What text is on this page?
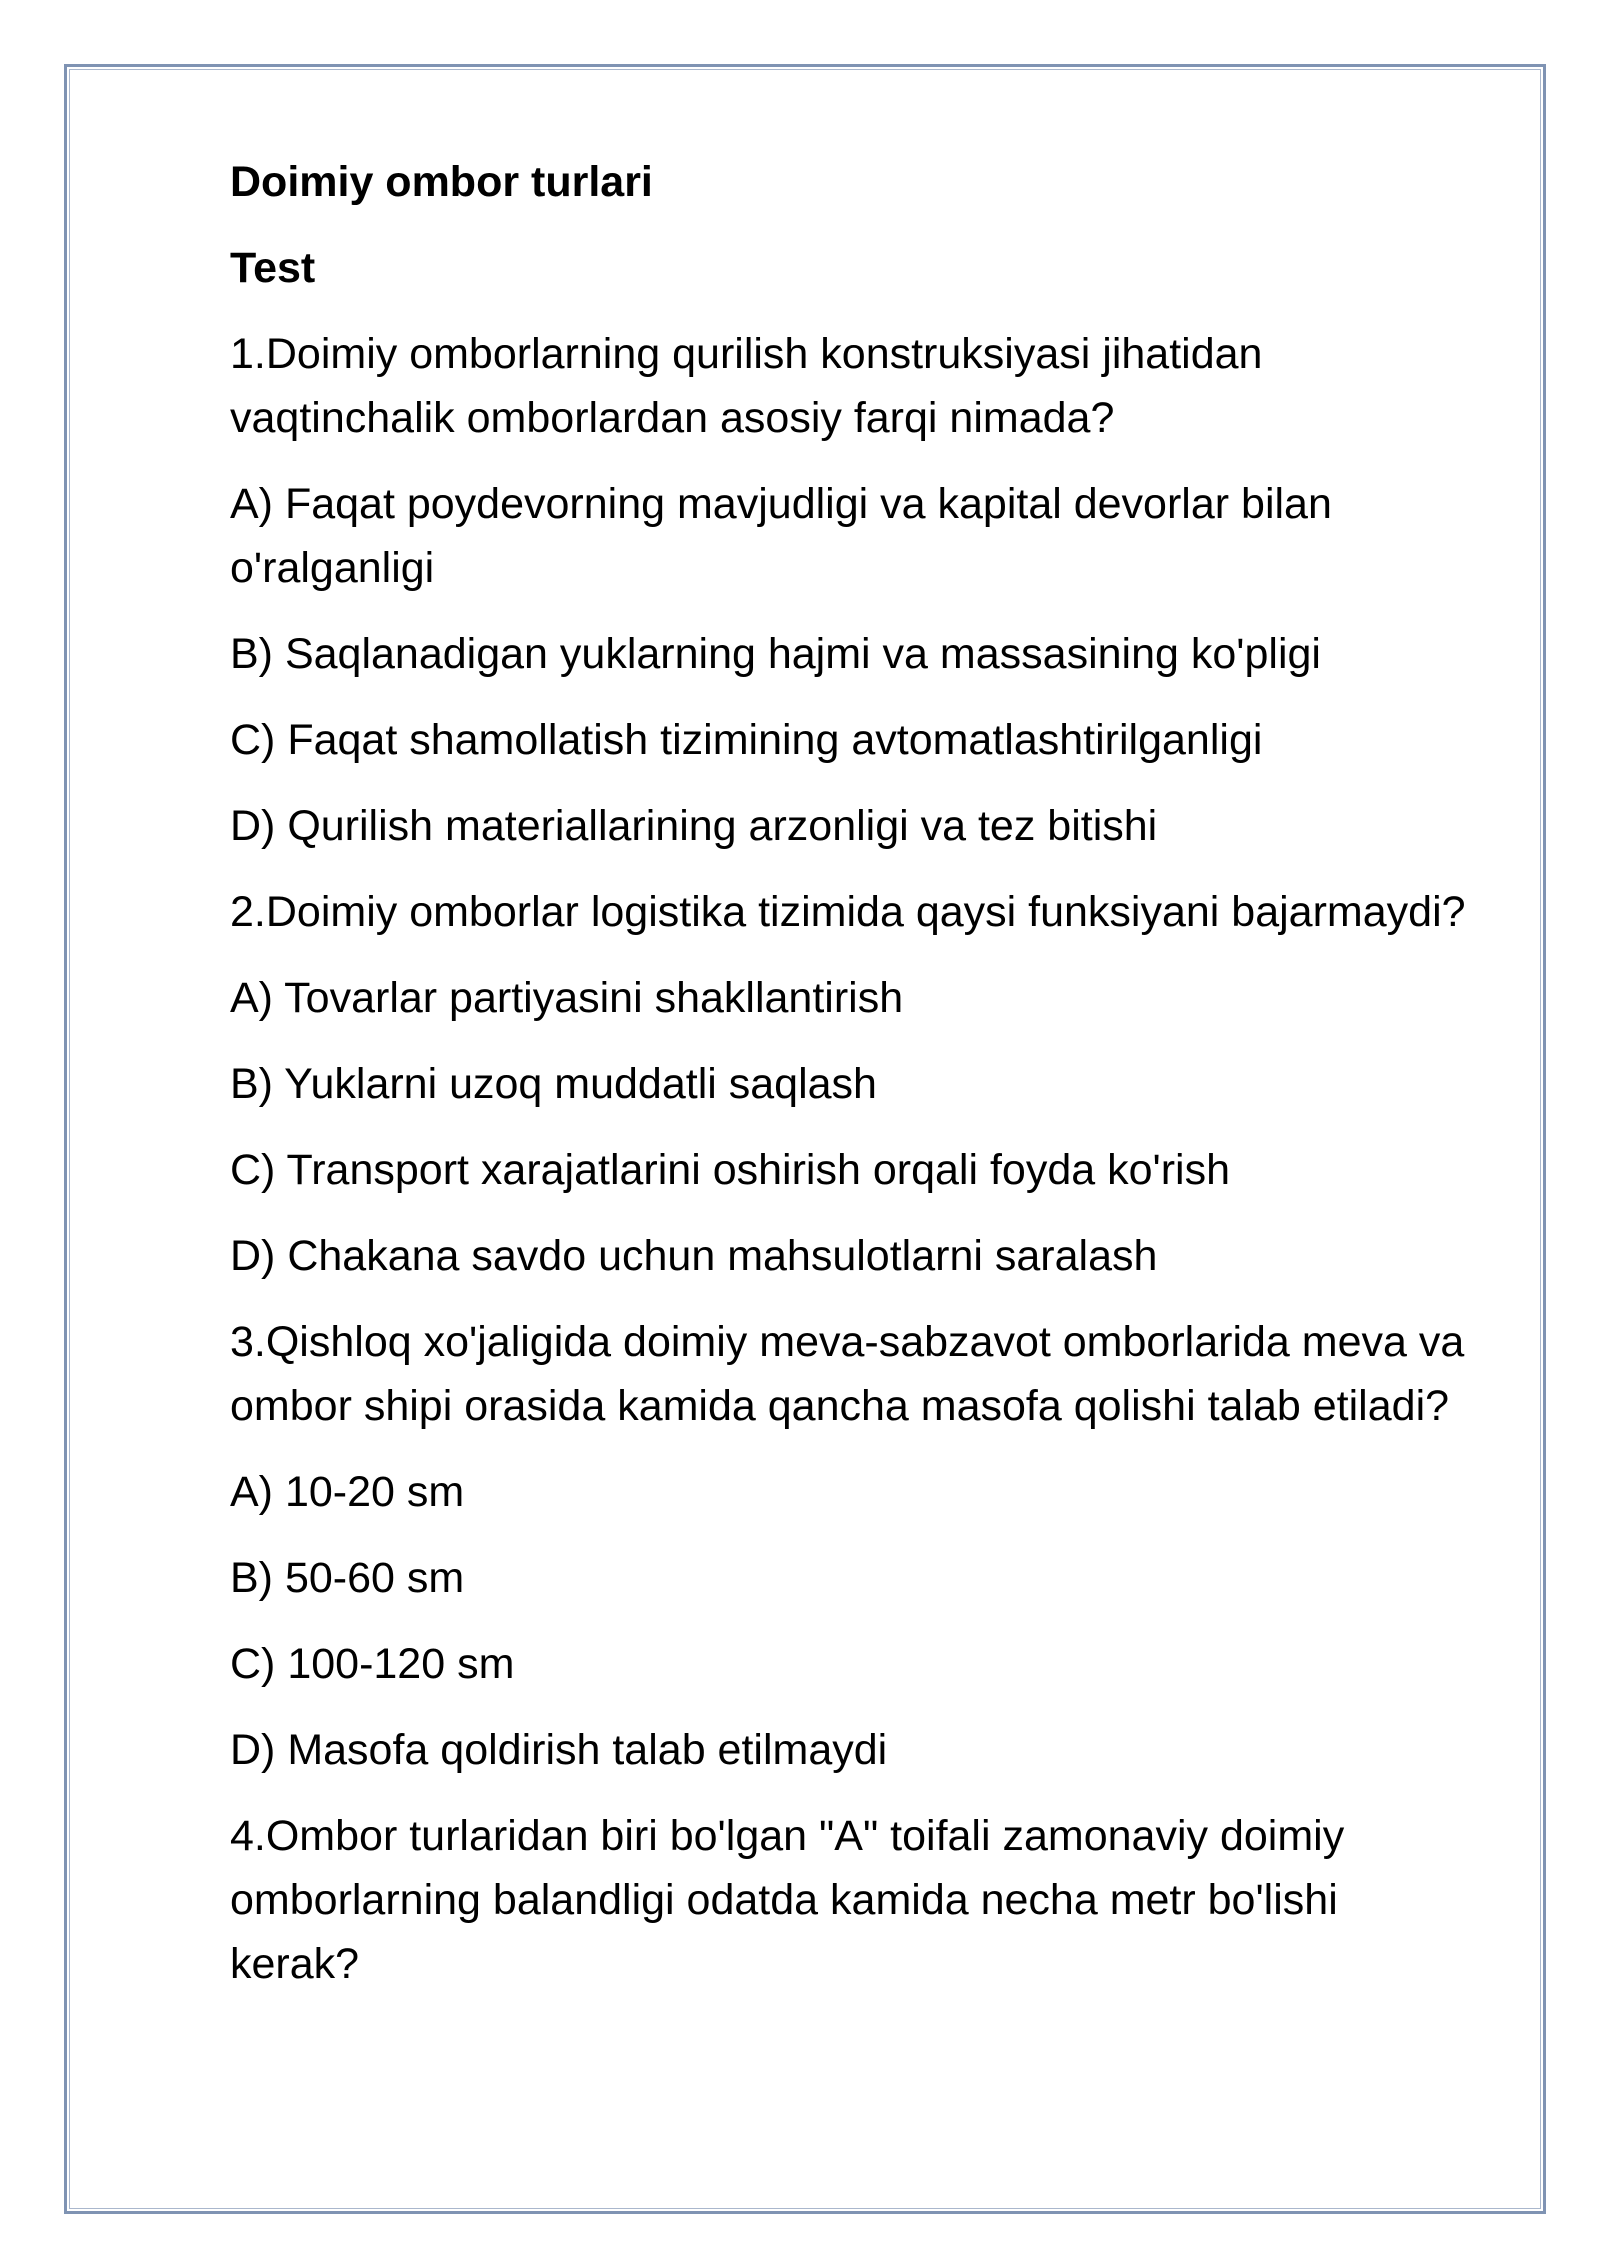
Doimiy ombor turlari
Test
1.Doimiy omborlarning qurilish konstruksiyasi jihatidan vaqtinchalik omborlardan asosiy farqi nimada?
A) Faqat poydevorning mavjudligi va kapital devorlar bilan o'ralganligi
B) Saqlanadigan yuklarning hajmi va massasining ko'pligi
C) Faqat shamollatish tizimining avtomatlashtirilganligi
D) Qurilish materiallarining arzonligi va tez bitishi
2.Doimiy omborlar logistika tizimida qaysi funksiyani bajarmaydi?
A) Tovarlar partiyasini shakllantirish
B) Yuklarni uzoq muddatli saqlash
C) Transport xarajatlarini oshirish orqali foyda ko'rish
D) Chakana savdo uchun mahsulotlarni saralash
3.Qishloq xo'jaligida doimiy meva-sabzavot omborlarida meva va ombor shipi orasida kamida qancha masofa qolishi talab etiladi?
A) 10-20 sm
B) 50-60 sm
C) 100-120 sm
D) Masofa qoldirish talab etilmaydi
4.Ombor turlaridan biri bo'lgan "A" toifali zamonaviy doimiy omborlarning balandligi odatda kamida necha metr bo'lishi kerak?
